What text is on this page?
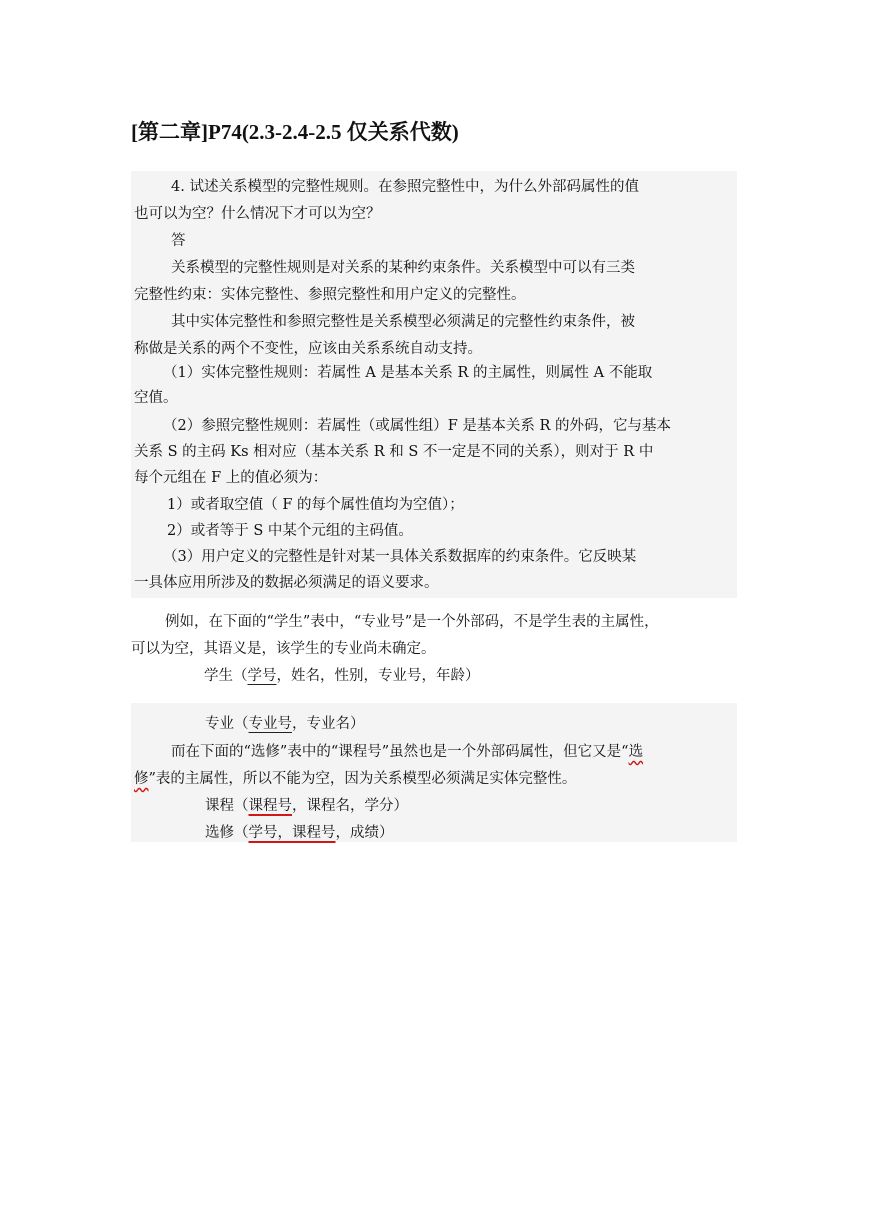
[第二章]P74(2.3-2.4-2.5 仅关系代数)
4. 试述关系模型的完整性规则。在参照完整性中，为什么外部码属性的值
也可以为空？什么情况下才可以为空？
答
关系模型的完整性规则是对关系的某种约束条件。关系模型中可以有三类
完整性约束：实体完整性、参照完整性和用户定义的完整性。
其中实体完整性和参照完整性是关系模型必须满足的完整性约束条件，被
称做是关系的两个不变性，应该由关系系统自动支持。
（1）实体完整性规则：若属性 A 是基本关系 R 的主属性，则属性 A 不能取
空值。
（2）参照完整性规则：若属性（或属性组）F 是基本关系 R 的外码，它与基本
关系 S 的主码 Ks 相对应（基本关系 R 和 S 不一定是不同的关系），则对于 R 中
每个元组在 F 上的值必须为：
1）或者取空值（ F 的每个属性值均为空值）；
2）或者等于 S 中某个元组的主码值。
（3）用户定义的完整性是针对某一具体关系数据库的约束条件。它反映某
一具体应用所涉及的数据必须满足的语义要求。
例如，在下面的“学生”表中，“专业号”是一个外部码，不是学生表的主属性，
可以为空，其语义是，该学生的专业尚未确定。
学生（学号，姓名，性别，专业号，年龄）
专业（专业号，专业名）
而在下面的“选修”表中的“课程号”虽然也是一个外部码属性，但它又是“选
修”表的主属性，所以不能为空，因为关系模型必须满足实体完整性。
课程（课程号，课程名，学分）
选修（学号，课程号，成绩）
